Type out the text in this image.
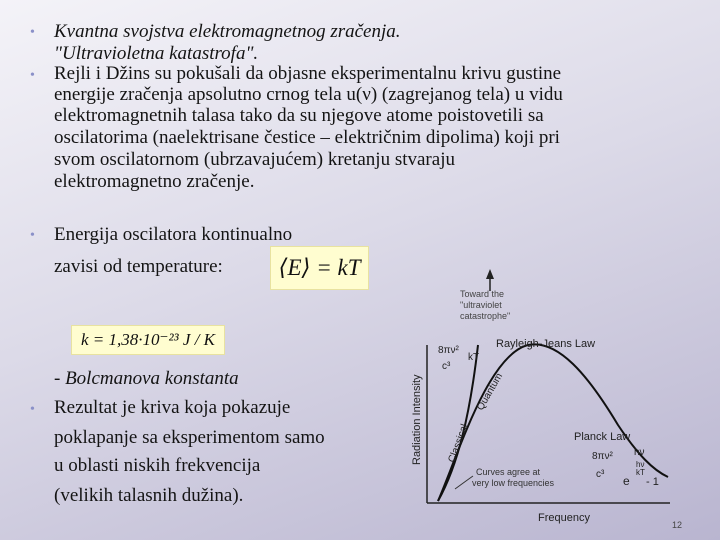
• Kvantna svojstva elektromagnetnog zračenja.
"Ultravioletna katastrofa".
• Rejli i Džins su pokušali da objasne eksperimentalnu krivu gustine
energije zračenja apsolutno crnog tela u(ν) (zagrejanog tela) u vidu
elektromagnetnih talasa tako da su njegove atome poistovetili sa
oscilatorima (naelektrisane čestice – električnim dipolima) koji pri
svom oscilatornom (ubrzavajućem) kretanju stvaraju
elektromagnetno zračenje.
• Energija oscilatora kontinualno
zavisi od temperature:	⟨E⟩ = kT
k = 1,38·10⁻²³ J / K
- Bolcmanova konstanta
• Rezultat je kriva koja pokazuje
poklapanje sa eksperimentom samo
u oblasti niskih frekvencija
(velikih talasnih dužina).
Radiation Intensity
Frequency
Toward the
"ultraviolet
catastrophe"
8πν²
kT
c³
Rayleigh-Jeans Law
Quantum
Classical	Planck Law
8πν² hν
hν
kT
e - 1
c³
Curves agree at
very low frequencies
12
